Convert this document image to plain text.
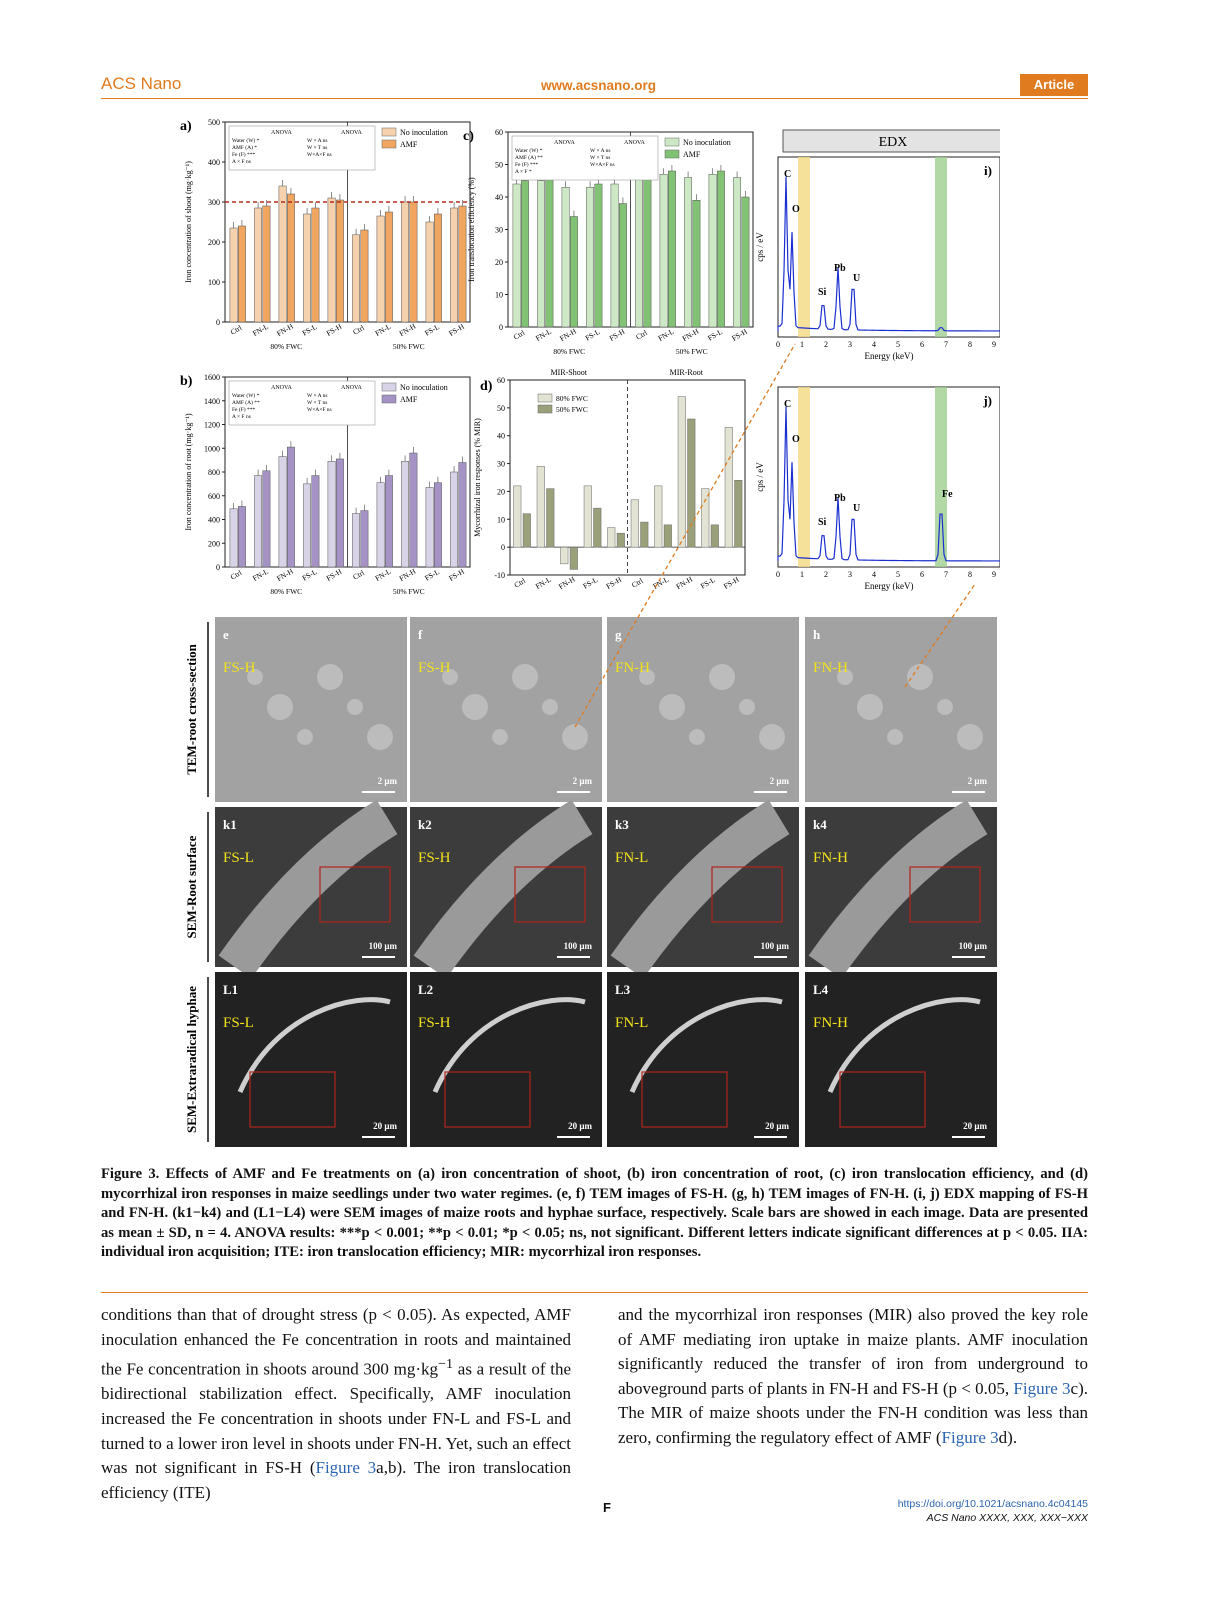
ACS Nano	www.acsnano.org	Article
0
100
200
300
400
500
Ctrl FN-L FN-H FS-L FS-H Ctrl FN-L FN-H FS-L FS-H
80% FWC	50% FWC
No inoculation
AMF
ANOVA	ANOVA
Water (W) *
AMF (A) *
Fe (F) ***
A × F ns
W × A ns
W × T ns
W×A×F ns
Iron concentration of shoot (mg·kg⁻¹)
a)
0
200
400
600
800
1000
1200
1400
1600
Ctrl FN-L FN-H FS-L FS-H Ctrl FN-L FN-H FS-L FS-H
80% FWC	50% FWC
No inoculation
AMF
ANOVA	ANOVA
Water (W) *
AMF (A) **
Fe (F) ***
A × F ns
W × A ns
W × T ns
W×A×F ns
Iron concentration of root (mg·kg⁻¹)
b)
0
10
20
30
40
50
60
Ctrl FN-L FN-H FS-L FS-H Ctrl FN-L FN-H FS-L FS-H
80% FWC	50% FWC
No inoculation
AMF
ANOVA	ANOVA
Water (W) *
AMF (A) **
Fe (F) ***
A × F *
W × A ns
W × T ns
W×A×F ns
Iron translocation efficiency (%)
c)
-10
0
10
20
30
40
50
60
MIR-Shoot	MIR-Root
Ctrl FN-L FN-H FS-L FS-H Ctrl FN-L FN-H FS-L FS-H
80% FWC
50% FWC
Mycorrhizal iron responses (% MIR)
d)
EDX
0	1	2	3	4	5	6	7	8	9
i)
C
O
Si
Pb
U
Energy (keV)
cps / eV
0	1	2	3	4	5	6	7	8	9
j)
C
O
Si
Pb
U
Fe
Energy (keV)
cps / eV
TEM-root cross-section
e
FS-H
2 μm
f
FS-H
2 μm
g
FN-H
2 μm
h
FN-H
2 μm
SEM-Root surface
k1
FS-L
100 μm
k2
FS-H
100 μm
k3
FN-L
100 μm
k4
FN-H
100 μm
SEM-Extraradical hyphae L1
FS-L
20 μm
L2
FS-H
20 μm
L3
FN-L
20 μm
L4
FN-H
20 μm
Figure 3. Effects of AMF and Fe treatments on (a) iron concentration of shoot, (b) iron concentration of root, (c) iron translocation efficiency, and (d) mycorrhizal iron responses in maize seedlings under two water regimes. (e, f) TEM images of FS-H. (g, h) TEM images of FN-H. (i, j) EDX mapping of FS-H and FN-H. (k1−k4) and (L1−L4) were SEM images of maize roots and hyphae surface, respectively. Scale bars are showed in each image. Data are presented as mean ± SD, n = 4. ANOVA results: ***p < 0.001; **p < 0.01; *p < 0.05; ns, not significant. Different letters indicate significant differences at p < 0.05. IIA: individual iron acquisition; ITE: iron translocation efficiency; MIR: mycorrhizal iron responses.
conditions than that of drought stress (p < 0.05). As expected, AMF inoculation enhanced the Fe concentration in roots and maintained the Fe concentration in shoots around 300 $mg\cdot kg^{-1}$ as a result of the bidirectional stabilization effect. Specifically, AMF inoculation increased the Fe concentration in shoots under FN-L and FS-L and turned to a lower iron level in shoots under FN-H. Yet, such an effect was not significant in FS-H (Figure 3a,b). The iron translocation efficiency (ITE)
and the mycorrhizal iron responses (MIR) also proved the key role of AMF mediating iron uptake in maize plants. AMF inoculation significantly reduced the transfer of iron from underground to aboveground parts of plants in FN-H and FS-H (p < 0.05, Figure 3c). The MIR of maize shoots under the FN-H condition was less than zero, confirming the regulatory effect of AMF (Figure 3d).
F	https://doi.org/10.1021/acsnano.4c04145
ACS Nano XXXX, XXX, XXX−XXX
